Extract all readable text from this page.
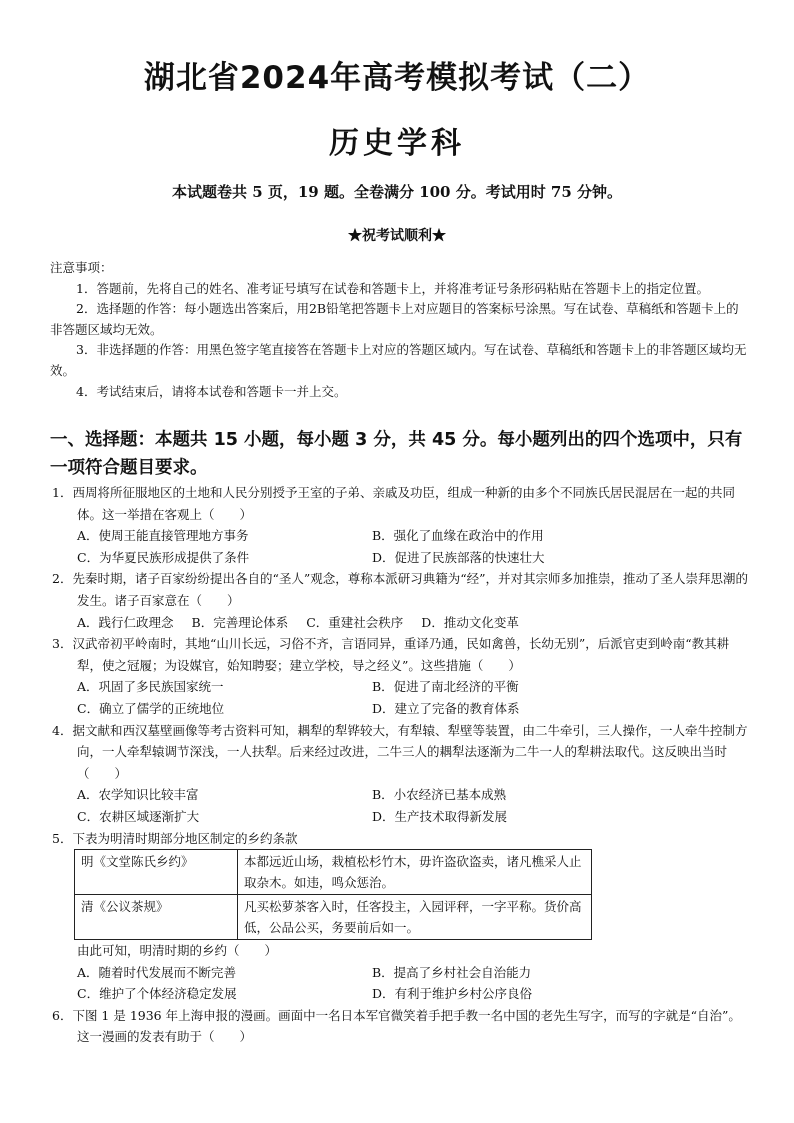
湖北省2024年高考模拟考试（二）
历史学科
本试题卷共 5 页，19 题。全卷满分 100 分。考试用时 75 分钟。
★祝考试顺利★
注意事项：
1．答题前，先将自己的姓名、准考证号填写在试卷和答题卡上，并将准考证号条形码粘贴在答题卡上的指定位置。
2．选择题的作答：每小题选出答案后，用2B铅笔把答题卡上对应题目的答案标号涂黑。写在试卷、草稿纸和答题卡上的非答题区域均无效。
3．非选择题的作答：用黑色签字笔直接答在答题卡上对应的答题区域内。写在试卷、草稿纸和答题卡上的非答题区域均无效。
4．考试结束后，请将本试卷和答题卡一并上交。
一、选择题：本题共 15 小题，每小题 3 分，共 45 分。每小题列出的四个选项中，只有一项符合题目要求。
1．西周将所征服地区的土地和人民分别授予王室的子弟、亲戚及功臣，组成一种新的由多个不同族氏居民混居在一起的共同体。这一举措在客观上（　　）
A．使周王能直接管理地方事务	B．强化了血缘在政治中的作用
C．为华夏民族形成提供了条件	D．促进了民族部落的快速壮大
2．先秦时期，诸子百家纷纷提出各自的“圣人”观念，尊称本派研习典籍为“经”，并对其宗师多加推崇，推动了圣人崇拜思潮的发生。诸子百家意在（　　）
A．践行仁政理念 B．完善理论体系 C．重建社会秩序 D．推动文化变革
3．汉武帝初平岭南时，其地“山川长远，习俗不齐，言语同异，重译乃通，民如禽兽，长幼无别”，后派官吏到岭南“教其耕犁，使之冠履；为设媒官，始知聘娶；建立学校，导之经义”。这些措施（　　）
A．巩固了多民族国家统一	B．促进了南北经济的平衡
C．确立了儒学的正统地位	D．建立了完备的教育体系
4．据文献和西汉墓壁画像等考古资料可知，耦犁的犁铧较大，有犁辕、犁壁等装置，由二牛牵引，三人操作，一人牵牛控制方向，一人牵犁辕调节深浅，一人扶犁。后来经过改进，二牛三人的耦犁法逐渐为二牛一人的犁耕法取代。这反映出当时（　　）
A．农学知识比较丰富	B．小农经济已基本成熟
C．农耕区域逐渐扩大	D．生产技术取得新发展
5．下表为明清时期部分地区制定的乡约条款
明《文堂陈氏乡约》	本都远近山场，栽植松杉竹木，毋许盗砍盗卖，诸凡樵采人止取杂木。如违，鸣众惩治。
清《公议茶规》	凡买松萝茶客入时，任客投主，入园评秤，一字平称。货价高低，公品公买，务要前后如一。
由此可知，明清时期的乡约（　　）
A．随着时代发展而不断完善	B．提高了乡村社会自治能力
C．维护了个体经济稳定发展	D．有利于维护乡村公序良俗
6．下图 1 是 1936 年上海申报的漫画。画面中一名日本军官微笑着手把手教一名中国的老先生写字，而写的字就是“自治”。这一漫画的发表有助于（　　）
